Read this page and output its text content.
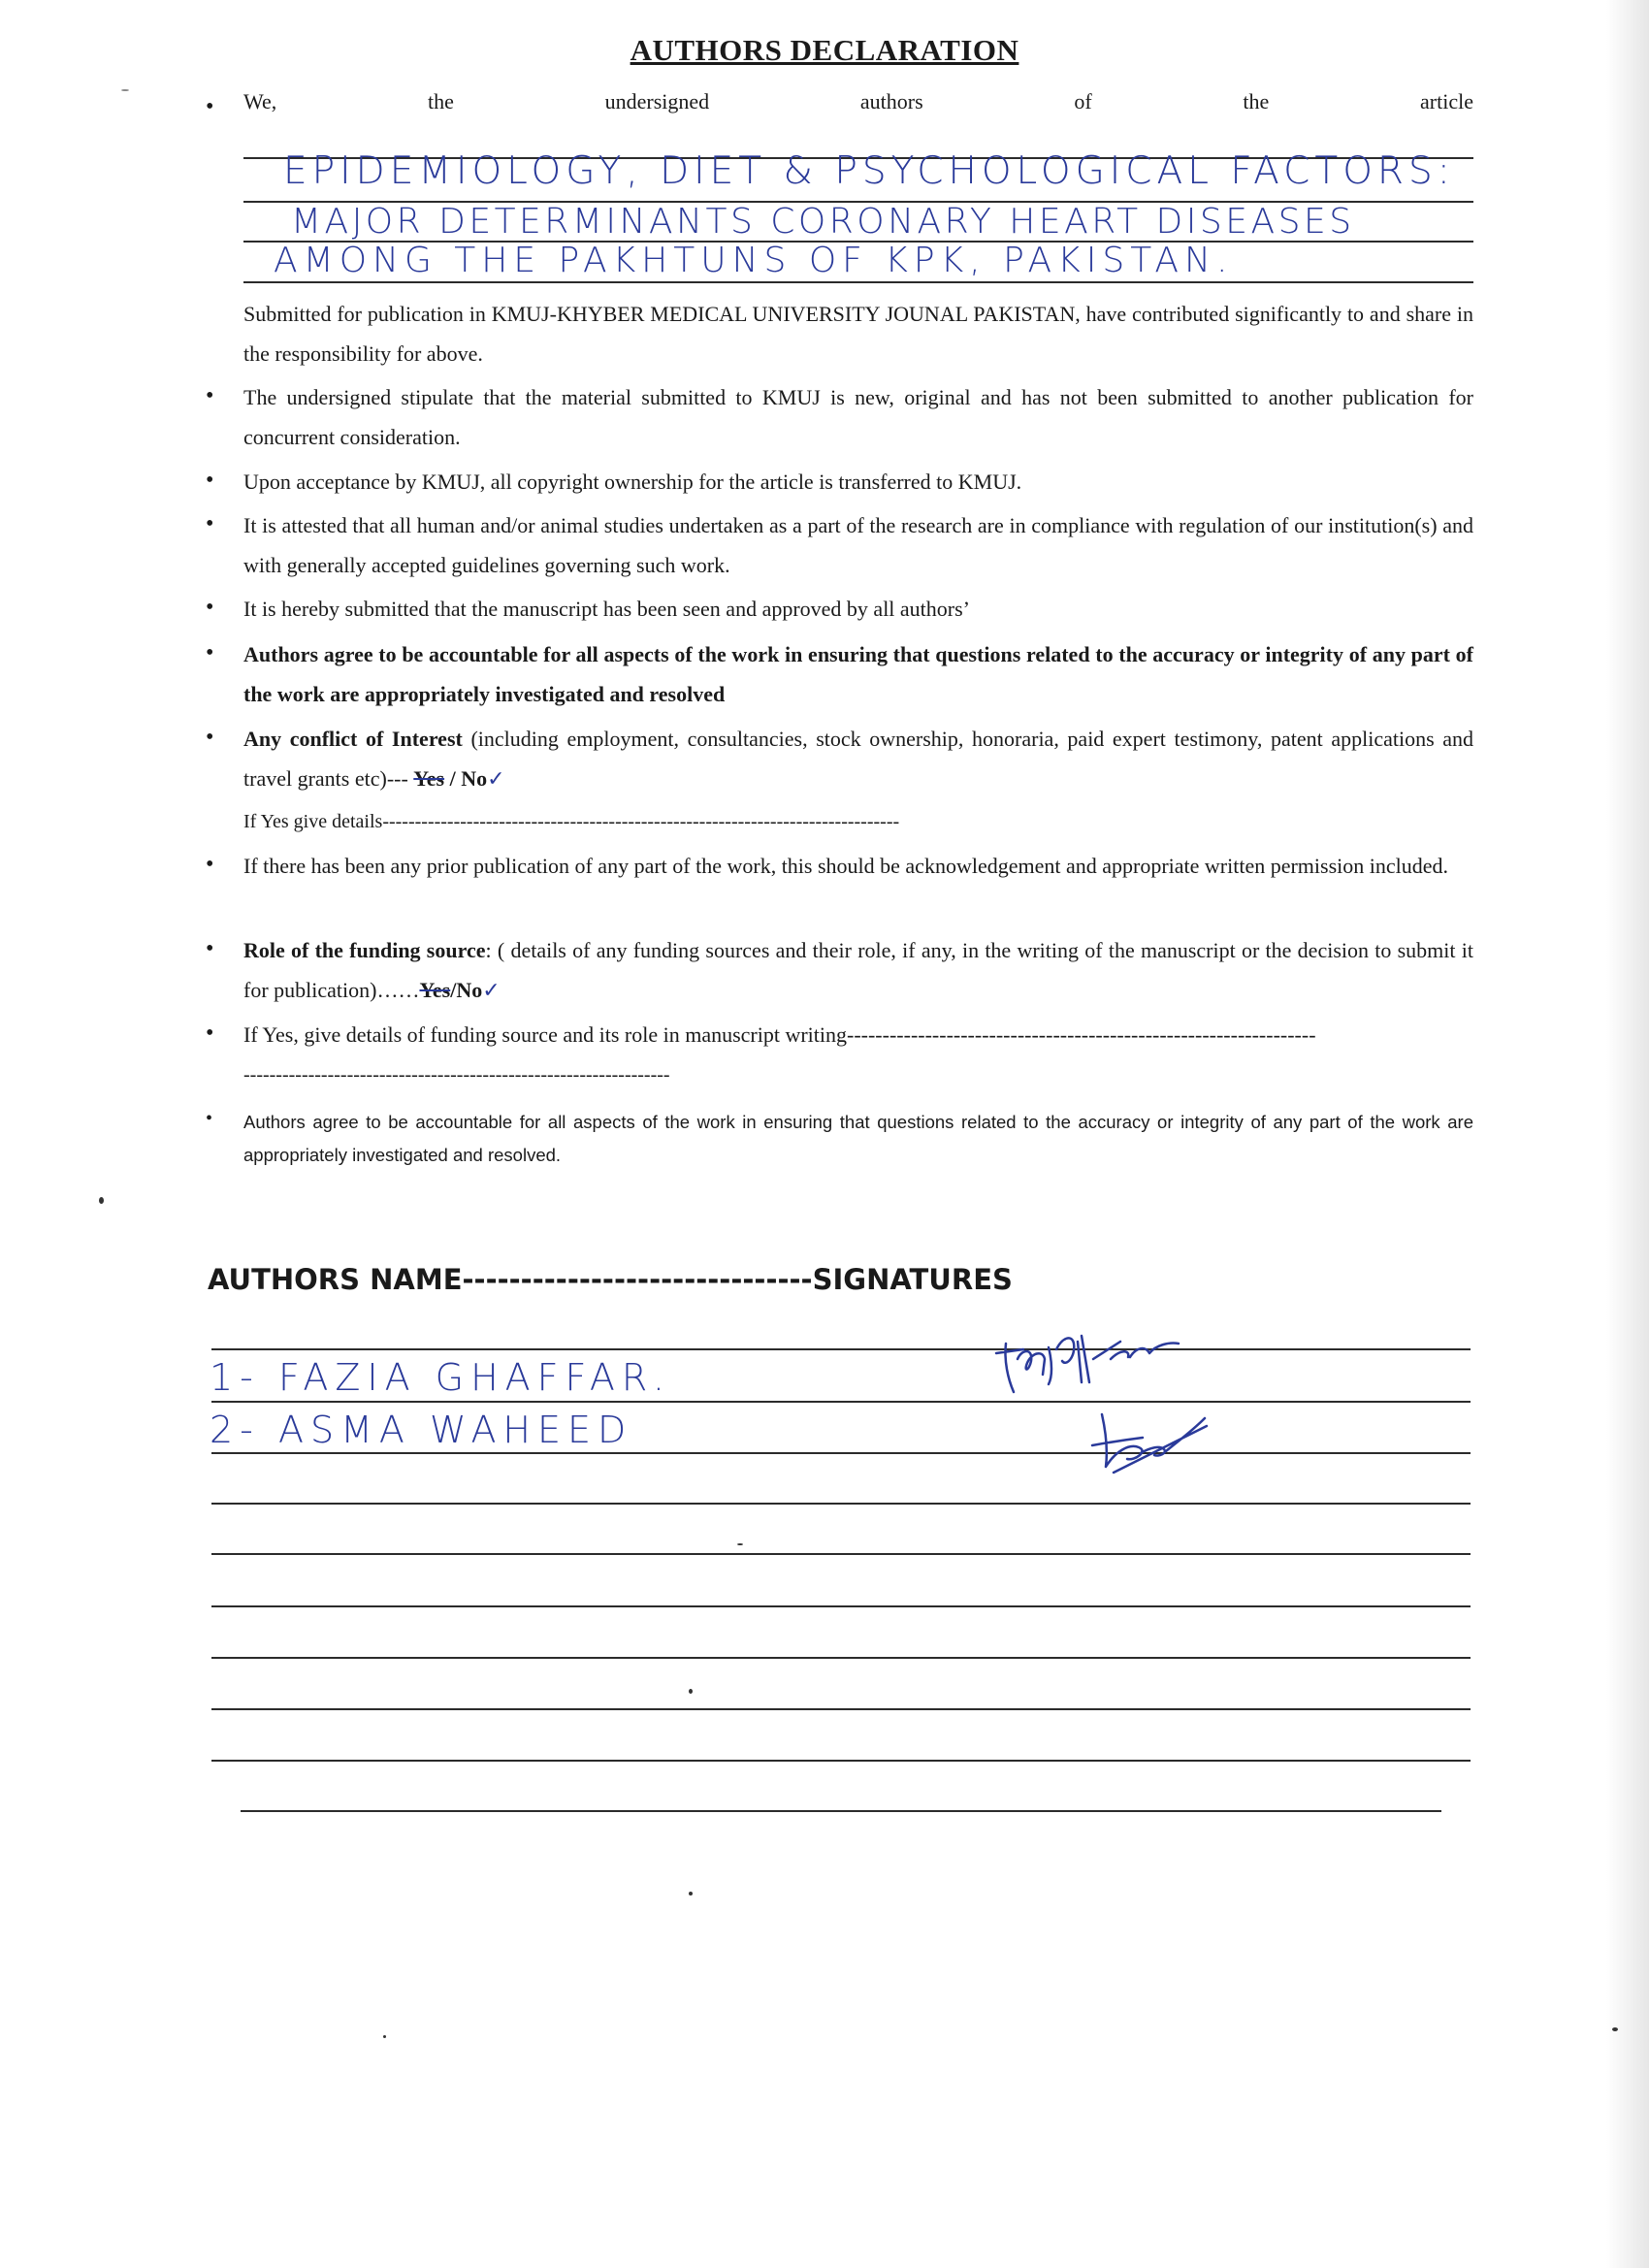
AUTHORS DECLARATION
• We,	the	undersigned	authors	of	the	article
EPIDEMIOLOGY, DIET & PSYCHOLOGICAL FACTORS:
MAJOR DETERMINANTS CORONARY HEART DISEASES
AMONG THE PAKHTUNS OF KPK, PAKISTAN.
Submitted for publication in KMUJ-KHYBER MEDICAL UNIVERSITY JOUNAL PAKISTAN, have contributed significantly to and share in the responsibility for above.
• The undersigned stipulate that the material submitted to KMUJ is new, original and has not been submitted to another publication for concurrent consideration.
• Upon acceptance by KMUJ, all copyright ownership for the article is transferred to KMUJ.
• It is attested that all human and/or animal studies undertaken as a part of the research are in compliance with regulation of our institution(s) and with generally accepted guidelines governing such work.
• It is hereby submitted that the manuscript has been seen and approved by all authors’
• Authors agree to be accountable for all aspects of the work in ensuring that questions related to the accuracy or integrity of any part of the work are appropriately investigated and resolved
• Any conflict of Interest (including employment, consultancies, stock ownership, honoraria, paid expert testimony, patent applications and travel grants etc)--- Yes / No✓
If Yes give details--------------------------------------------------------------------------------
• If there has been any prior publication of any part of the work, this should be acknowledgement and appropriate written permission included.
• Role of the funding source: ( details of any funding sources and their role, if any, in the writing of the manuscript or the decision to submit it for publication)……Yes/No✓
• If Yes, give details of funding source and its role in manuscript writing------------------------------------------------------------------
------------------------------------------------------------------
• Authors agree to be accountable for all aspects of the work in ensuring that questions related to the accuracy or integrity of any part of the work are appropriately investigated and resolved.
AUTHORS NAME------------------------------SIGNATURES
1- FAZIA GHAFFAR.
2- ASMA WAHEED
